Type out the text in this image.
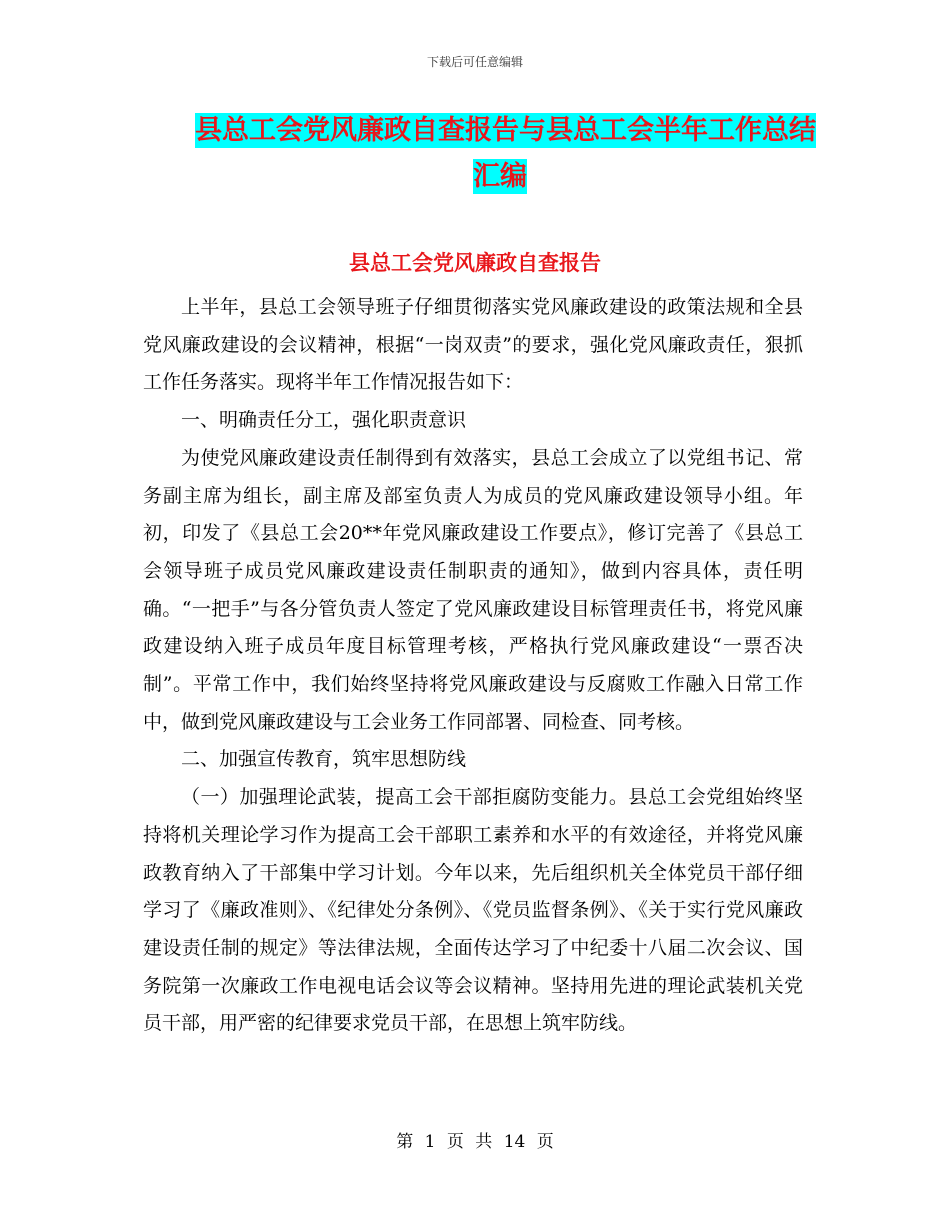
下载后可任意编辑
县总工会党风廉政自查报告与县总工会半年工作总结
汇编
县总工会党风廉政自查报告

上半年，县总工会领导班子仔细贯彻落实党风廉政建设的政策法规和全县党风廉政建设的会议精神，根据“一岗双责”的要求，强化党风廉政责任，狠抓工作任务落实。现将半年工作情况报告如下：

一、明确责任分工，强化职责意识

为使党风廉政建设责任制得到有效落实，县总工会成立了以党组书记、常务副主席为组长，副主席及部室负责人为成员的党风廉政建设领导小组。年初，印发了《县总工会20**年党风廉政建设工作要点》，修订完善了《县总工会领导班子成员党风廉政建设责任制职责的通知》，做到内容具体，责任明确。“一把手”与各分管负责人签定了党风廉政建设目标管理责任书，将党风廉政建设纳入班子成员年度目标管理考核，严格执行党风廉政建设“一票否决制”。平常工作中，我们始终坚持将党风廉政建设与反腐败工作融入日常工作中，做到党风廉政建设与工会业务工作同部署、同检查、同考核。

二、加强宣传教育，筑牢思想防线

（一）加强理论武装，提高工会干部拒腐防变能力。县总工会党组始终坚持将机关理论学习作为提高工会干部职工素养和水平的有效途径，并将党风廉政教育纳入了干部集中学习计划。今年以来，先后组织机关全体党员干部仔细学习了《廉政准则》、《纪律处分条例》、《党员监督条例》、《关于实行党风廉政建设责任制的规定》等法律法规，全面传达学习了中纪委十八届二次会议、国务院第一次廉政工作电视电话会议等会议精神。坚持用先进的理论武装机关党员干部，用严密的纪律要求党员干部，在思想上筑牢防线。

第 1 页 共 14 页
